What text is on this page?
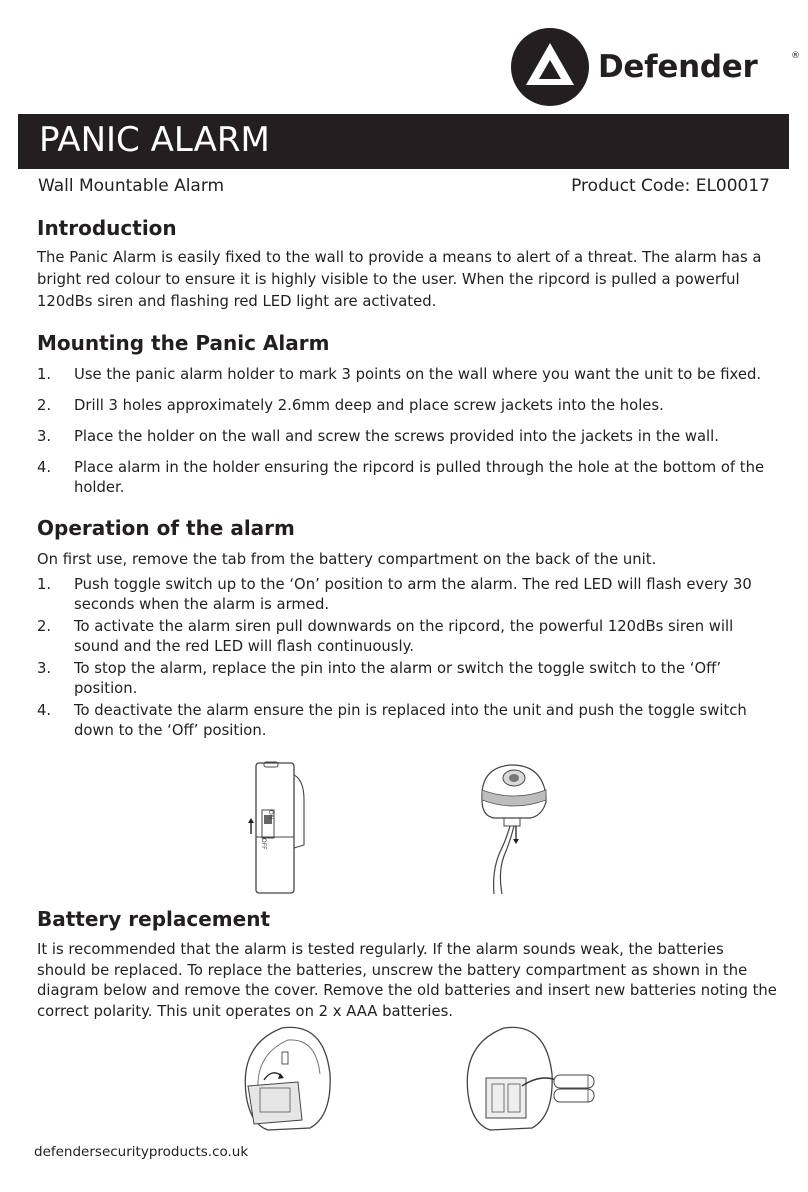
Defender	®
PANIC ALARM
Wall Mountable Alarm	Product Code: EL00017
Introduction
The Panic Alarm is easily fixed to the wall to provide a means to alert of a threat. The alarm has a bright red colour to ensure it is highly visible to the user. When the ripcord is pulled a powerful 120dBs siren and flashing red LED light are activated.
Mounting the Panic Alarm
1. Use the panic alarm holder to mark 3 points on the wall where you want the unit to be fixed.
2. Drill 3 holes approximately 2.6mm deep and place screw jackets into the holes.
3. Place the holder on the wall and screw the screws provided into the jackets in the wall.
4. Place alarm in the holder ensuring the ripcord is pulled through the hole at the bottom of the holder.
Operation of the alarm
On first use, remove the tab from the battery compartment on the back of the unit.
1. Push toggle switch up to the ‘On’ position to arm the alarm. The red LED will flash every 30 seconds when the alarm is armed.
2. To activate the alarm siren pull downwards on the ripcord, the powerful 120dBs siren will sound and the red LED will flash continuously.
3. To stop the alarm, replace the pin into the alarm or switch the toggle switch to the ‘Off’ position.
4. To deactivate the alarm ensure the pin is replaced into the unit and push the toggle switch down to the ‘Off’ position.
ON
OFF
Battery replacement
It is recommended that the alarm is tested regularly. If the alarm sounds weak, the batteries should be replaced. To replace the batteries, unscrew the battery compartment as shown in the diagram below and remove the cover. Remove the old batteries and insert new batteries noting the correct polarity. This unit operates on 2 x AAA batteries.
defendersecurityproducts.co.uk
